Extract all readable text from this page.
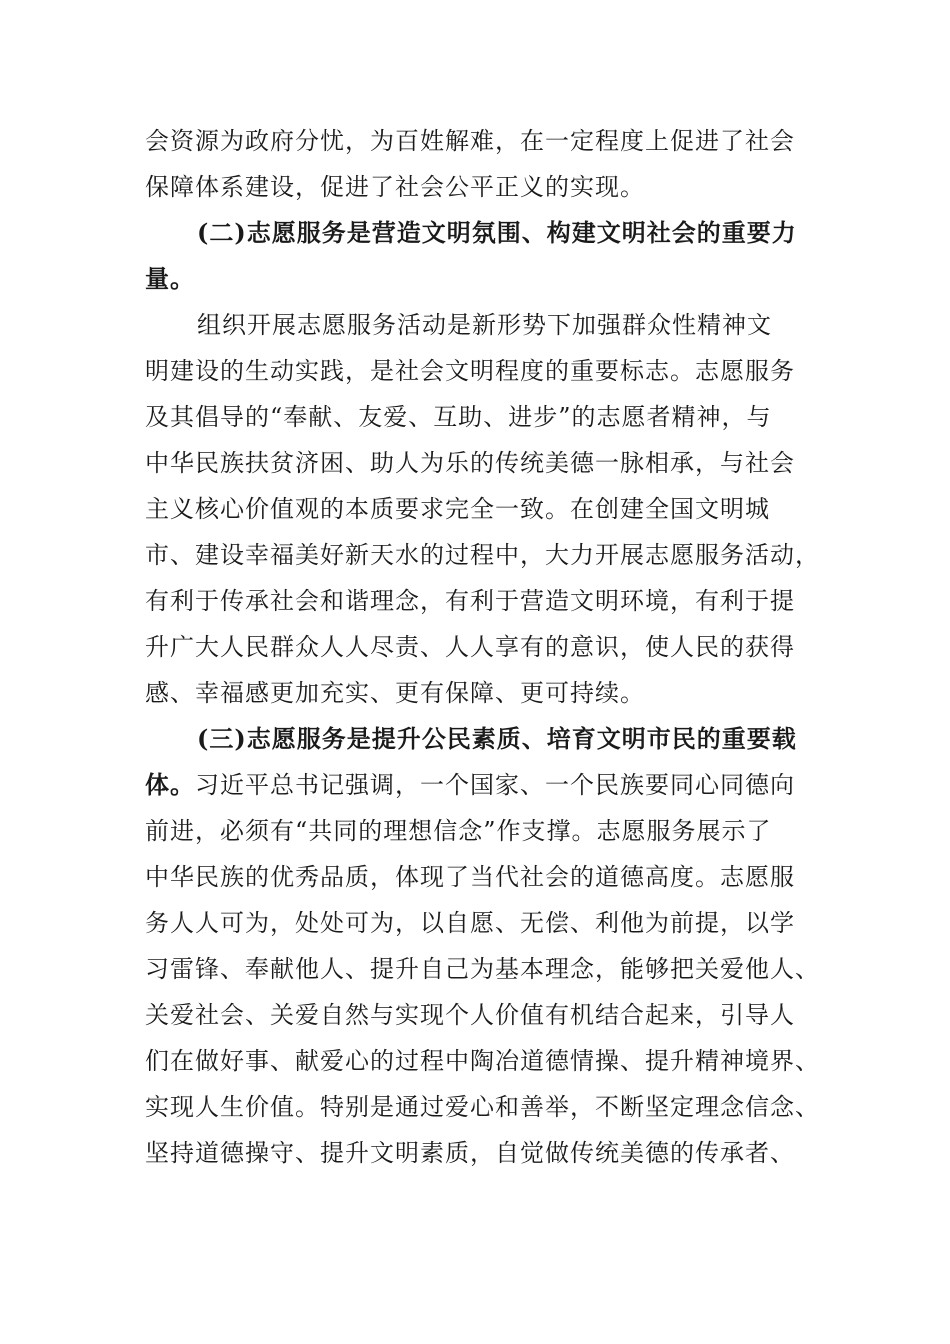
会资源为政府分忧，为百姓解难，在一定程度上促进了社会
保障体系建设，促进了社会公平正义的实现。
(二)志愿服务是营造文明氛围、构建文明社会的重要力
量。
组织开展志愿服务活动是新形势下加强群众性精神文
明建设的生动实践，是社会文明程度的重要标志。志愿服务
及其倡导的“奉献、友爱、互助、进步”的志愿者精神，与
中华民族扶贫济困、助人为乐的传统美德一脉相承，与社会
主义核心价值观的本质要求完全一致。在创建全国文明城
市、建设幸福美好新天水的过程中，大力开展志愿服务活动，
有利于传承社会和谐理念，有利于营造文明环境，有利于提
升广大人民群众人人尽责、人人享有的意识，使人民的获得
感、幸福感更加充实、更有保障、更可持续。
(三)志愿服务是提升公民素质、培育文明市民的重要载
体。习近平总书记强调，一个国家、一个民族要同心同德向
前进，必须有“共同的理想信念”作支撑。志愿服务展示了
中华民族的优秀品质，体现了当代社会的道德高度。志愿服
务人人可为，处处可为，以自愿、无偿、利他为前提，以学
习雷锋、奉献他人、提升自己为基本理念，能够把关爱他人、
关爱社会、关爱自然与实现个人价值有机结合起来，引导人
们在做好事、献爱心的过程中陶冶道德情操、提升精神境界、
实现人生价值。特别是通过爱心和善举，不断坚定理念信念、
坚持道德操守、提升文明素质，自觉做传统美德的传承者、
